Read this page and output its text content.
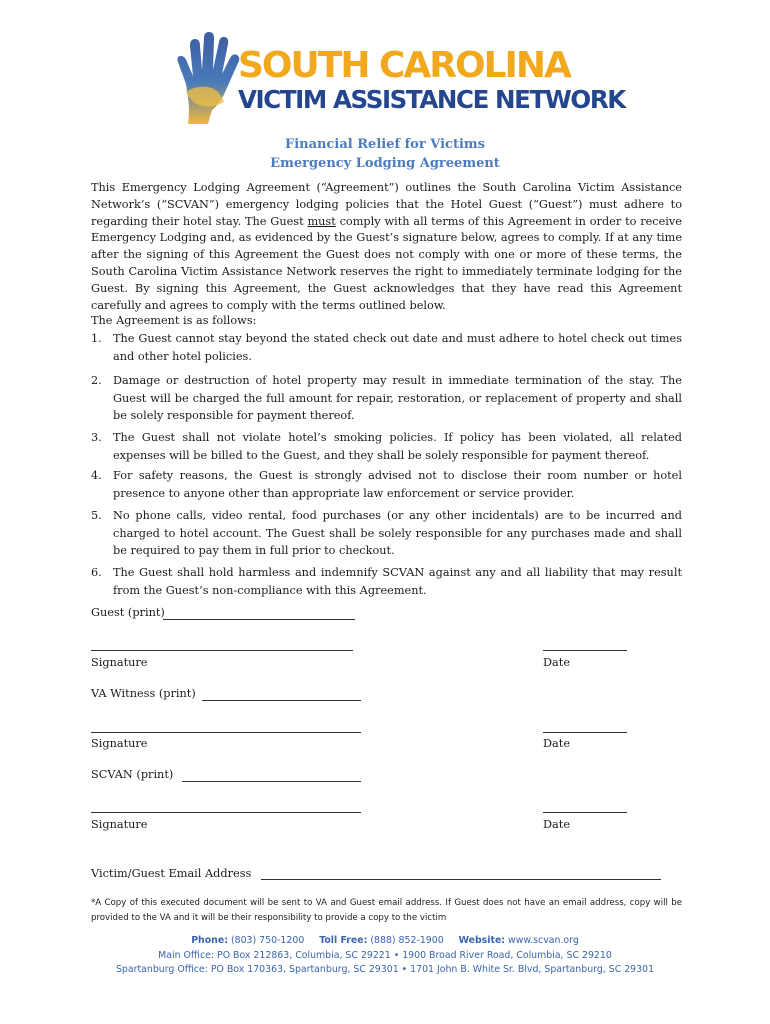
SOUTH CAROLINA
VICTIM ASSISTANCE NETWORK
Financial Relief for Victims
Emergency Lodging Agreement
This Emergency Lodging Agreement (“Agreement”) outlines the South Carolina Victim Assistance Network’s (“SCVAN”) emergency lodging policies that the Hotel Guest (“Guest”) must adhere to regarding their hotel stay. The Guest must comply with all terms of this Agreement in order to receive Emergency Lodging and, as evidenced by the Guest’s signature below, agrees to comply. If at any time after the signing of this Agreement the Guest does not comply with one or more of these terms, the South Carolina Victim Assistance Network reserves the right to immediately terminate lodging for the Guest. By signing this Agreement, the Guest acknowledges that they have read this Agreement carefully and agrees to comply with the terms outlined below.
The Agreement is as follows:
1. The Guest cannot stay beyond the stated check out date and must adhere to hotel check out times and other hotel policies.
2. Damage or destruction of hotel property may result in immediate termination of the stay. The Guest will be charged the full amount for repair, restoration, or replacement of property and shall be solely responsible for payment thereof.
3. The Guest shall not violate hotel’s smoking policies. If policy has been violated, all related expenses will be billed to the Guest, and they shall be solely responsible for payment thereof.
4. For safety reasons, the Guest is strongly advised not to disclose their room number or hotel presence to anyone other than appropriate law enforcement or service provider.
5. No phone calls, video rental, food purchases (or any other incidentals) are to be incurred and charged to hotel account. The Guest shall be solely responsible for any purchases made and shall be required to pay them in full prior to checkout.
6. The Guest shall hold harmless and indemnify SCVAN against any and all liability that may result from the Guest’s non-compliance with this Agreement.
Guest (print)
Signature	Date
VA Witness (print)
Signature	Date
SCVAN (print)
Signature	Date
Victim/Guest Email Address
*A Copy of this executed document will be sent to VA and Guest email address. If Guest does not have an email address, copy will be provided to the VA and it will be their responsibility to provide a copy to the victim
Phone: (803) 750-1200 Toll Free: (888) 852-1900 Website: www.scvan.org
Main Office: PO Box 212863, Columbia, SC 29221 • 1900 Broad River Road, Columbia, SC 29210
Spartanburg Office: PO Box 170363, Spartanburg, SC 29301 • 1701 John B. White Sr. Blvd, Spartanburg, SC 29301
